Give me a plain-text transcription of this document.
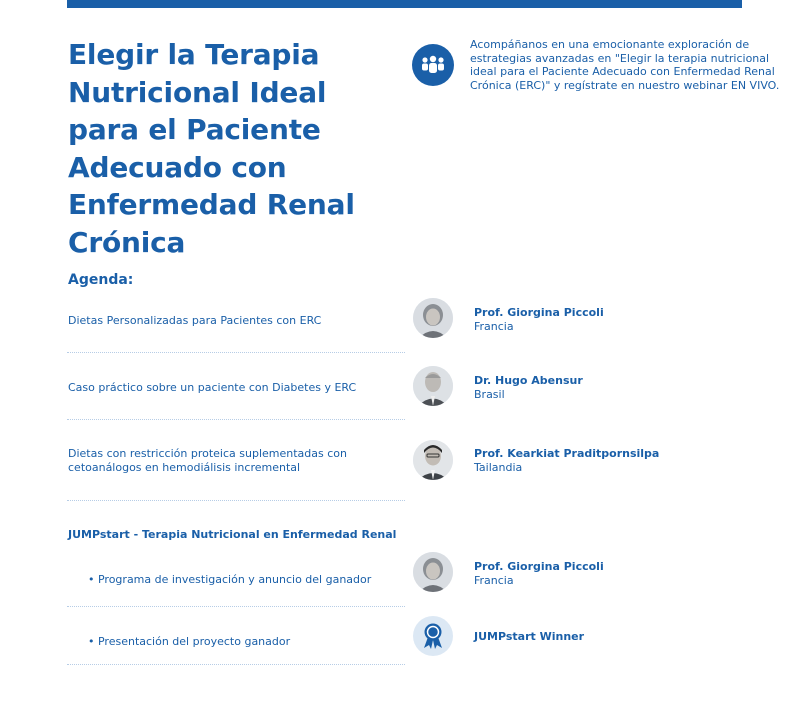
Elegir la Terapia Nutricional Ideal para el Paciente Adecuado con Enfermedad Renal Crónica
Acompáñanos en una emocionante exploración de estrategias avanzadas en "Elegir la terapia nutricional ideal para el Paciente Adecuado con Enfermedad Renal Crónica (ERC)" y regístrate en nuestro webinar EN VIVO.
Agenda:
Dietas Personalizadas para Pacientes con ERC
Prof. Giorgina Piccoli
Francia
Caso práctico sobre un paciente con Diabetes y ERC
Dr. Hugo Abensur
Brasil
Dietas con restricción proteica suplementadas con cetoanálogos en hemodiálisis incremental
Prof. Kearkiat Praditpornsilpa
Tailandia
JUMPstart - Terapia Nutricional en Enfermedad Renal
• Programa de investigación y anuncio del ganador
Prof. Giorgina Piccoli
Francia
• Presentación del proyecto ganador	JUMPstart Winner
